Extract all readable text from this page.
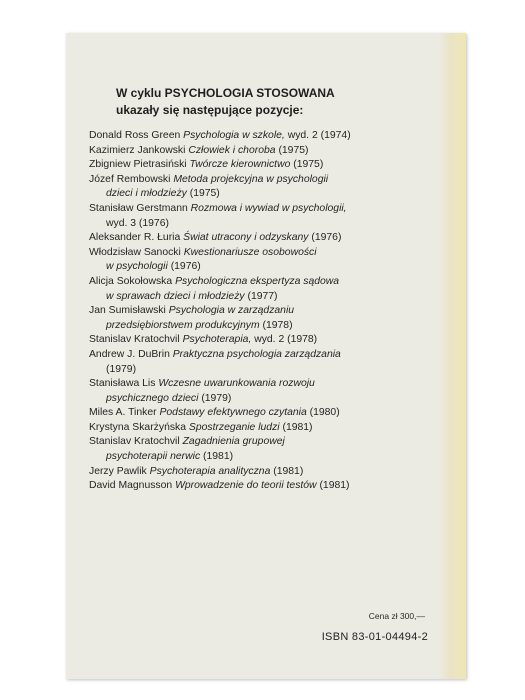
W cyklu PSYCHOLOGIA STOSOWANA
ukazały się następujące pozycje:
Donald Ross Green Psychologia w szkole, wyd. 2 (1974)
Kazimierz Jankowski Człowiek i choroba (1975)
Zbigniew Pietrasiński Twórcze kierownictwo (1975)
Józef Rembowski Metoda projekcyjna w psychologii
dzieci i młodzieży (1975)
Stanisław Gerstmann Rozmowa i wywiad w psychologii,
wyd. 3 (1976)
Aleksander R. Łuria Świat utracony i odzyskany (1976)
Włodzisław Sanocki Kwestionariusze osobowości
w psychologii (1976)
Alicja Sokołowska Psychologiczna ekspertyza sądowa
w sprawach dzieci i młodzieży (1977)
Jan Sumisławski Psychologia w zarządzaniu
przedsiębiorstwem produkcyjnym (1978)
Stanislav Kratochvil Psychoterapia, wyd. 2 (1978)
Andrew J. DuBrin Praktyczna psychologia zarządzania
(1979)
Stanisława Lis Wczesne uwarunkowania rozwoju
psychicznego dzieci (1979)
Miles A. Tinker Podstawy efektywnego czytania (1980)
Krystyna Skarżyńska Spostrzeganie ludzi (1981)
Stanislav Kratochvil Zagadnienia grupowej
psychoterapii nerwic (1981)
Jerzy Pawlik Psychoterapia analityczna (1981)
David Magnusson Wprowadzenie do teorii testów (1981)
Cena zł 300,—
ISBN 83-01-04494-2
